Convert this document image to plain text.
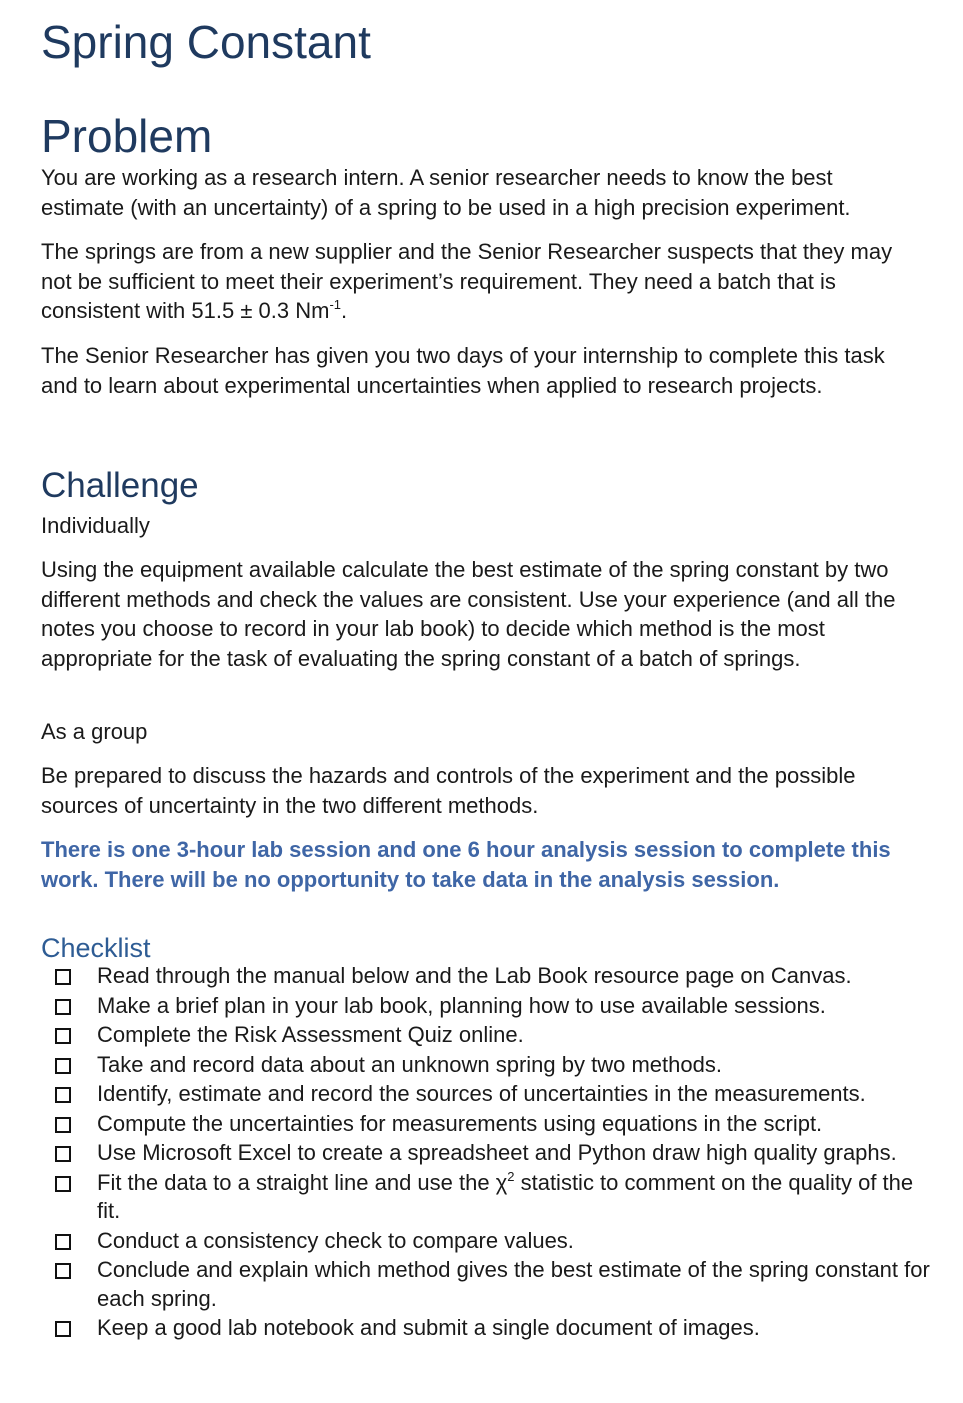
Spring Constant
Problem

You are working as a research intern. A senior researcher needs to know the best estimate (with an uncertainty) of a spring to be used in a high precision experiment.

The springs are from a new supplier and the Senior Researcher suspects that they may not be sufficient to meet their experiment’s requirement. They need a batch that is consistent with 51.5 ± 0.3 $Nm^{-1}$.

The Senior Researcher has given you two days of your internship to complete this task and to learn about experimental uncertainties when applied to research projects.

Challenge

Individually

Using the equipment available calculate the best estimate of the spring constant by two different methods and check the values are consistent. Use your experience (and all the notes you choose to record in your lab book) to decide which method is the most appropriate for the task of evaluating the spring constant of a batch of springs.

As a group

Be prepared to discuss the hazards and controls of the experiment and the possible sources of uncertainty in the two different methods.

There is one 3-hour lab session and one 6 hour analysis session to complete this work. There will be no opportunity to take data in the analysis session.

Checklist
Read through the manual below and the Lab Book resource page on Canvas.
Make a brief plan in your lab book, planning how to use available sessions.
Complete the Risk Assessment Quiz online.
Take and record data about an unknown spring by two methods.
Identify, estimate and record the sources of uncertainties in the measurements.
Compute the uncertainties for measurements using equations in the script.
Use Microsoft Excel to create a spreadsheet and Python draw high quality graphs.
Fit the data to a straight line and use the $\chi^2$ statistic to comment on the quality of the fit.
Conduct a consistency check to compare values.
Conclude and explain which method gives the best estimate of the spring constant for each spring.
Keep a good lab notebook and submit a single document of images.
